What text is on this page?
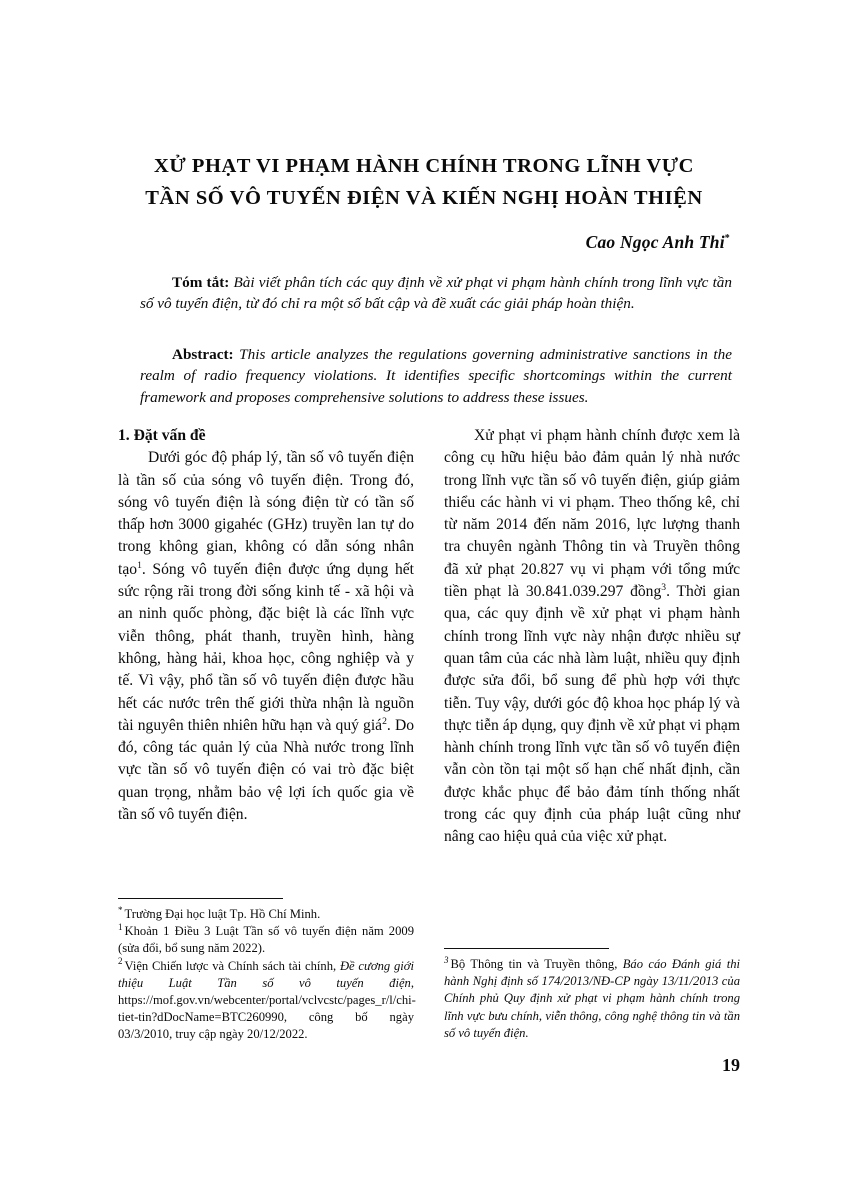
XỬ PHẠT VI PHẠM HÀNH CHÍNH TRONG LĨNH VỰC
TẦN SỐ VÔ TUYẾN ĐIỆN VÀ KIẾN NGHỊ HOÀN THIỆN
Cao Ngọc Anh Thi*
Tóm tắt: Bài viết phân tích các quy định về xử phạt vi phạm hành chính trong lĩnh vực tần số vô tuyến điện, từ đó chỉ ra một số bất cập và đề xuất các giải pháp hoàn thiện.
Abstract: This article analyzes the regulations governing administrative sanctions in the realm of radio frequency violations. It identifies specific shortcomings within the current framework and proposes comprehensive solutions to address these issues.
1. Đặt vấn đề

Dưới góc độ pháp lý, tần số vô tuyến điện là tần số của sóng vô tuyến điện. Trong đó, sóng vô tuyến điện là sóng điện từ có tần số thấp hơn 3000 gigahéc (GHz) truyền lan tự do trong không gian, không có dẫn sóng nhân tạo$^1$. Sóng vô tuyến điện được ứng dụng hết sức rộng rãi trong đời sống kinh tế - xã hội và an ninh quốc phòng, đặc biệt là các lĩnh vực viễn thông, phát thanh, truyền hình, hàng không, hàng hải, khoa học, công nghiệp và y tế. Vì vậy, phổ tần số vô tuyến điện được hầu hết các nước trên thế giới thừa nhận là nguồn tài nguyên thiên nhiên hữu hạn và quý giá$^2$. Do đó, công tác quản lý của Nhà nước trong lĩnh vực tần số vô tuyến điện có vai trò đặc biệt quan trọng, nhằm bảo vệ lợi ích quốc gia về tần số vô tuyến điện.

Xử phạt vi phạm hành chính được xem là công cụ hữu hiệu bảo đảm quản lý nhà nước trong lĩnh vực tần số vô tuyến điện, giúp giảm thiểu các hành vi vi phạm. Theo thống kê, chỉ từ năm 2014 đến năm 2016, lực lượng thanh tra chuyên ngành Thông tin và Truyền thông đã xử phạt 20.827 vụ vi phạm với tổng mức tiền phạt là 30.841.039.297 đồng$^3$. Thời gian qua, các quy định về xử phạt vi phạm hành chính trong lĩnh vực này nhận được nhiều sự quan tâm của các nhà làm luật, nhiều quy định được sửa đổi, bổ sung để phù hợp với thực tiễn. Tuy vậy, dưới góc độ khoa học pháp lý và thực tiễn áp dụng, quy định về xử phạt vi phạm hành chính trong lĩnh vực tần số vô tuyến điện vẫn còn tồn tại một số hạn chế nhất định, cần được khắc phục để bảo đảm tính thống nhất trong các quy định của pháp luật cũng như nâng cao hiệu quả của việc xử phạt.

* Trường Đại học luật Tp. Hồ Chí Minh.

$^1$ Khoản 1 Điều 3 Luật Tần số vô tuyến điện năm 2009 (sửa đổi, bổ sung năm 2022).

$^2$ Viện Chiến lược và Chính sách tài chính, Đề cương giới thiệu Luật Tần số vô tuyến điện, https://mof.gov.vn/webcenter/portal/vclvcstc/pages_r/l/chi-tiet-tin?dDocName=BTC260990, công bố ngày 03/3/2010, truy cập ngày 20/12/2022.

$^3$ Bộ Thông tin và Truyền thông, Báo cáo Đánh giá thi hành Nghị định số 174/2013/NĐ-CP ngày 13/11/2013 của Chính phủ Quy định xử phạt vi phạm hành chính trong lĩnh vực bưu chính, viễn thông, công nghệ thông tin và tần số vô tuyến điện.

19
